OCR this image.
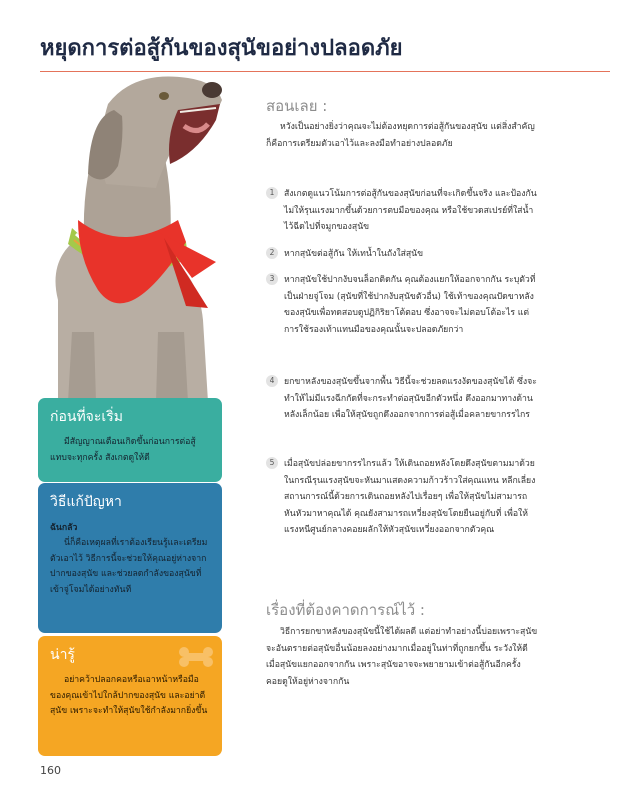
หยุดการต่อสู้กันของสุนัขอย่างปลอดภัย
สอนเลย :

หวังเป็นอย่างยิ่งว่าคุณจะไม่ต้องหยุดการต่อสู้กันของสุนัข แต่สิ่งสำคัญก็คือการเตรียมตัวเอาไว้และลงมือทำอย่างปลอดภัย

1	สังเกตดูแนวโน้มการต่อสู้กันของสุนัขก่อนที่จะเกิดขึ้นจริง และป้องกันไม่ให้รุนแรงมากขึ้นด้วยการตบมือของคุณ หรือใช้ขวดสเปรย์ที่ใส่น้ำไว้ฉีดไปที่จมูกของสุนัข
2	หากสุนัขต่อสู้กัน ให้เทน้ำในถังใส่สุนัข
3	หากสุนัขใช้ปากงับจนล็อกติดกัน คุณต้องแยกให้ออกจากกัน ระบุตัวที่เป็นฝ่ายจู่โจม (สุนัขที่ใช้ปากงับสุนัขตัวอื่น) ใช้เท้าของคุณปัดขาหลังของสุนัขเพื่อทดสอบดูปฏิกิริยาโต้ตอบ ซึ่งอาจจะไม่ตอบโต้อะไร แต่การใช้รองเท้าแทนมือของคุณนั้นจะปลอดภัยกว่า
4	ยกขาหลังของสุนัขขึ้นจากพื้น วิธีนี้จะช่วยลดแรงงัดของสุนัขได้ ซึ่งจะทำให้ไม่มีแรงฉีกกัดที่จะกระทำต่อสุนัขอีกตัวหนึ่ง ดึงออกมาทางด้านหลังเล็กน้อย เพื่อให้สุนัขถูกดึงออกจากการต่อสู้เมื่อคลายขากรรไกร
5	เมื่อสุนัขปล่อยขากรรไกรแล้ว ให้เดินถอยหลังโดยดึงสุนัขตามมาด้วย ในกรณีรุนแรงสุนัขจะหันมาแสดงความก้าวร้าวใส่คุณแทน หลีกเลี่ยงสถานการณ์นี้ด้วยการเดินถอยหลังไปเรื่อยๆ เพื่อให้สุนัขไม่สามารถหันหัวมาหาคุณได้ คุณยังสามารถเหวี่ยงสุนัขโดยยืนอยู่กับที่ เพื่อให้แรงหนีศูนย์กลางคอยผลักให้หัวสุนัขเหวี่ยงออกจากตัวคุณ
เรื่องที่ต้องคาดการณ์ไว้ :

วิธีการยกขาหลังของสุนัขนี้ใช้ได้ผลดี แต่อย่าทำอย่างนี้บ่อยเพราะสุนัขจะอันตรายต่อสุนัขอื่นน้อยลงอย่างมากเมื่ออยู่ในท่าที่ถูกยกขึ้น ระวังให้ดีเมื่อสุนัขแยกออกจากกัน เพราะสุนัขอาจจะพยายามเข้าต่อสู้กันอีกครั้ง คอยดูให้อยู่ห่างจากกัน

ก่อนที่จะเริ่ม
มีสัญญาณเตือนเกิดขึ้นก่อนการต่อสู้แทบจะทุกครั้ง สังเกตดูให้ดี
วิธีแก้ปัญหา
ฉันกลัว
นี่ก็คือเหตุผลที่เราต้องเรียนรู้และเตรียมตัวเอาไว้ วิธีการนี้จะช่วยให้คุณอยู่ห่างจากปากของสุนัข และช่วยลดกำลังของสุนัขที่เข้าจู่โจมได้อย่างทันที
น่ารู้
อย่าคว้าปลอกคอหรือเอาหน้าหรือมือของคุณเข้าไปใกล้ปากของสุนัข และอย่าตีสุนัข เพราะจะทำให้สุนัขใช้กำลังมากยิ่งขึ้น
160
